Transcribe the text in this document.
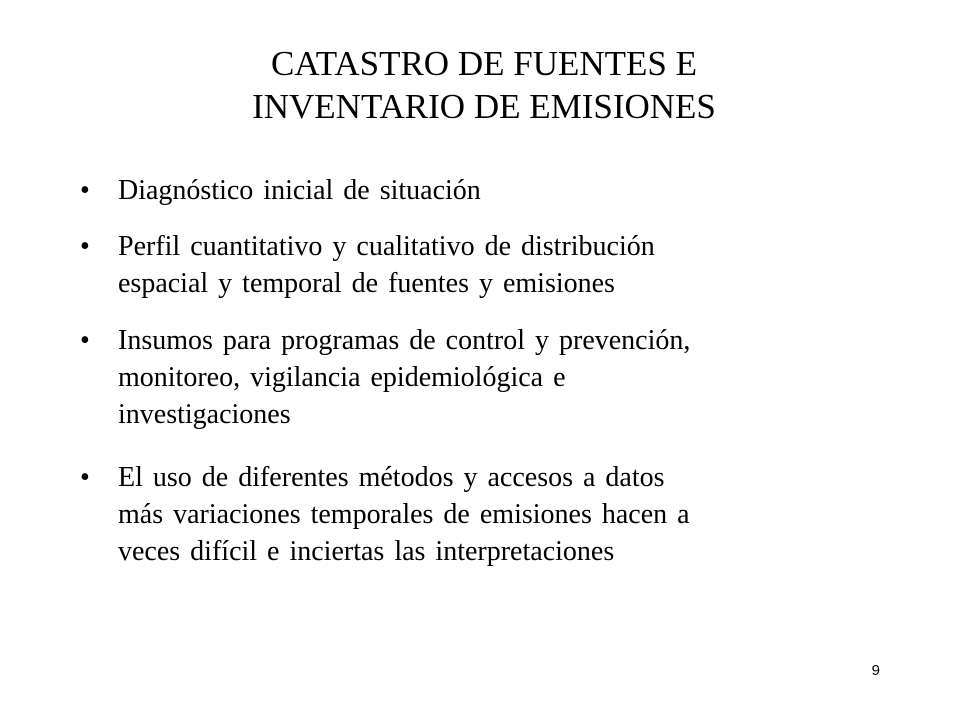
CATASTRO DE FUENTES E
INVENTARIO DE EMISIONES
• Diagnóstico inicial de situación
• Perfil cuantitativo y cualitativo de distribución
espacial y temporal de fuentes y emisiones
• Insumos para programas de control y prevención,
monitoreo, vigilancia epidemiológica e
investigaciones
• El uso de diferentes métodos y accesos a datos
más variaciones temporales de emisiones hacen a
veces difícil e inciertas las interpretaciones
9
